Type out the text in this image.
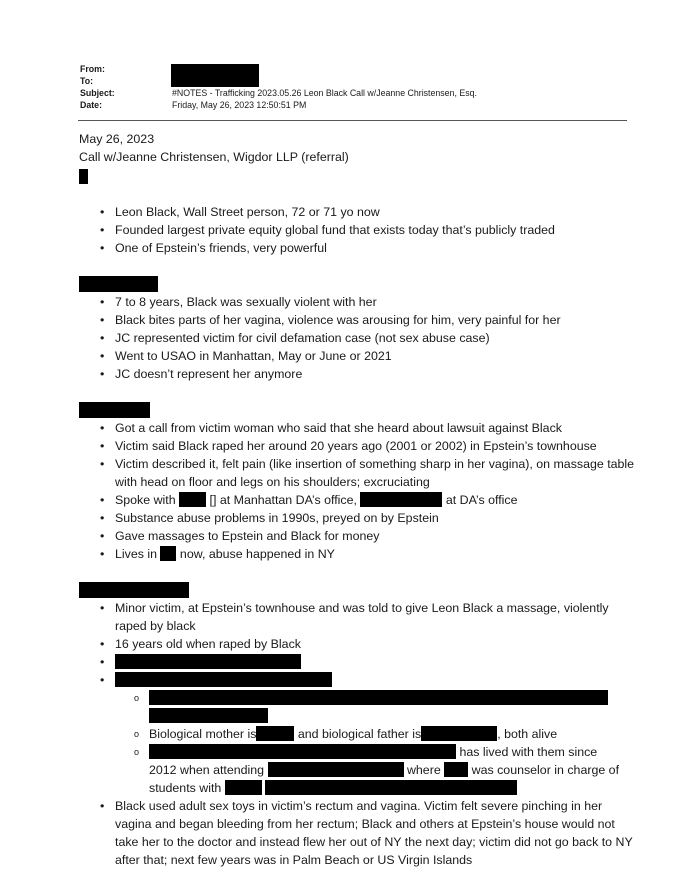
From:
To:
Subject:	#NOTES - Trafficking 2023.05.26 Leon Black Call w/Jeanne Christensen, Esq.
Date:	Friday, May 26, 2023 12:50:51 PM

May 26, 2023

Call w/Jeanne Christensen, Wigdor LLP (referral)

• Leon Black, Wall Street person, 72 or 71 yo now
• Founded largest private equity global fund that exists today that’s publicly traded
• One of Epstein’s friends, very powerful
• 7 to 8 years, Black was sexually violent with her
• Black bites parts of her vagina, violence was arousing for him, very painful for her
• JC represented victim for civil defamation case (not sex abuse case)
• Went to USAO in Manhattan, May or June or 2021
• JC doesn’t represent her anymore
• Got a call from victim woman who said that she heard about lawsuit against Black
• Victim said Black raped her around 20 years ago (2001 or 2002) in Epstein’s townhouse
• Victim described it, felt pain (like insertion of something sharp in her vagina), on massage table with head on floor and legs on his shoulders; excruciating
• Spoke with	[] at Manhattan DA’s office,	at DA’s office
• Substance abuse problems in 1990s, preyed on by Epstein
• Gave massages to Epstein and Black for money
• Lives in now, abuse happened in NY
• Minor victim, at Epstein’s townhouse and was told to give Leon Black a massage, violently raped by black
• 16 years old when raped by Black
•
o

o • Biological mother is	and biological father is	, both alive
o has lived with them since
2012 when attending	where was counselor in charge of
students with
• Black used adult sex toys in victim’s rectum and vagina. Victim felt severe pinching in her vagina and began bleeding from her rectum; Black and others at Epstein’s house would not take her to the doctor and instead flew her out of NY the next day; victim did not go back to NY after that; next few years was in Palm Beach or US Virgin Islands
